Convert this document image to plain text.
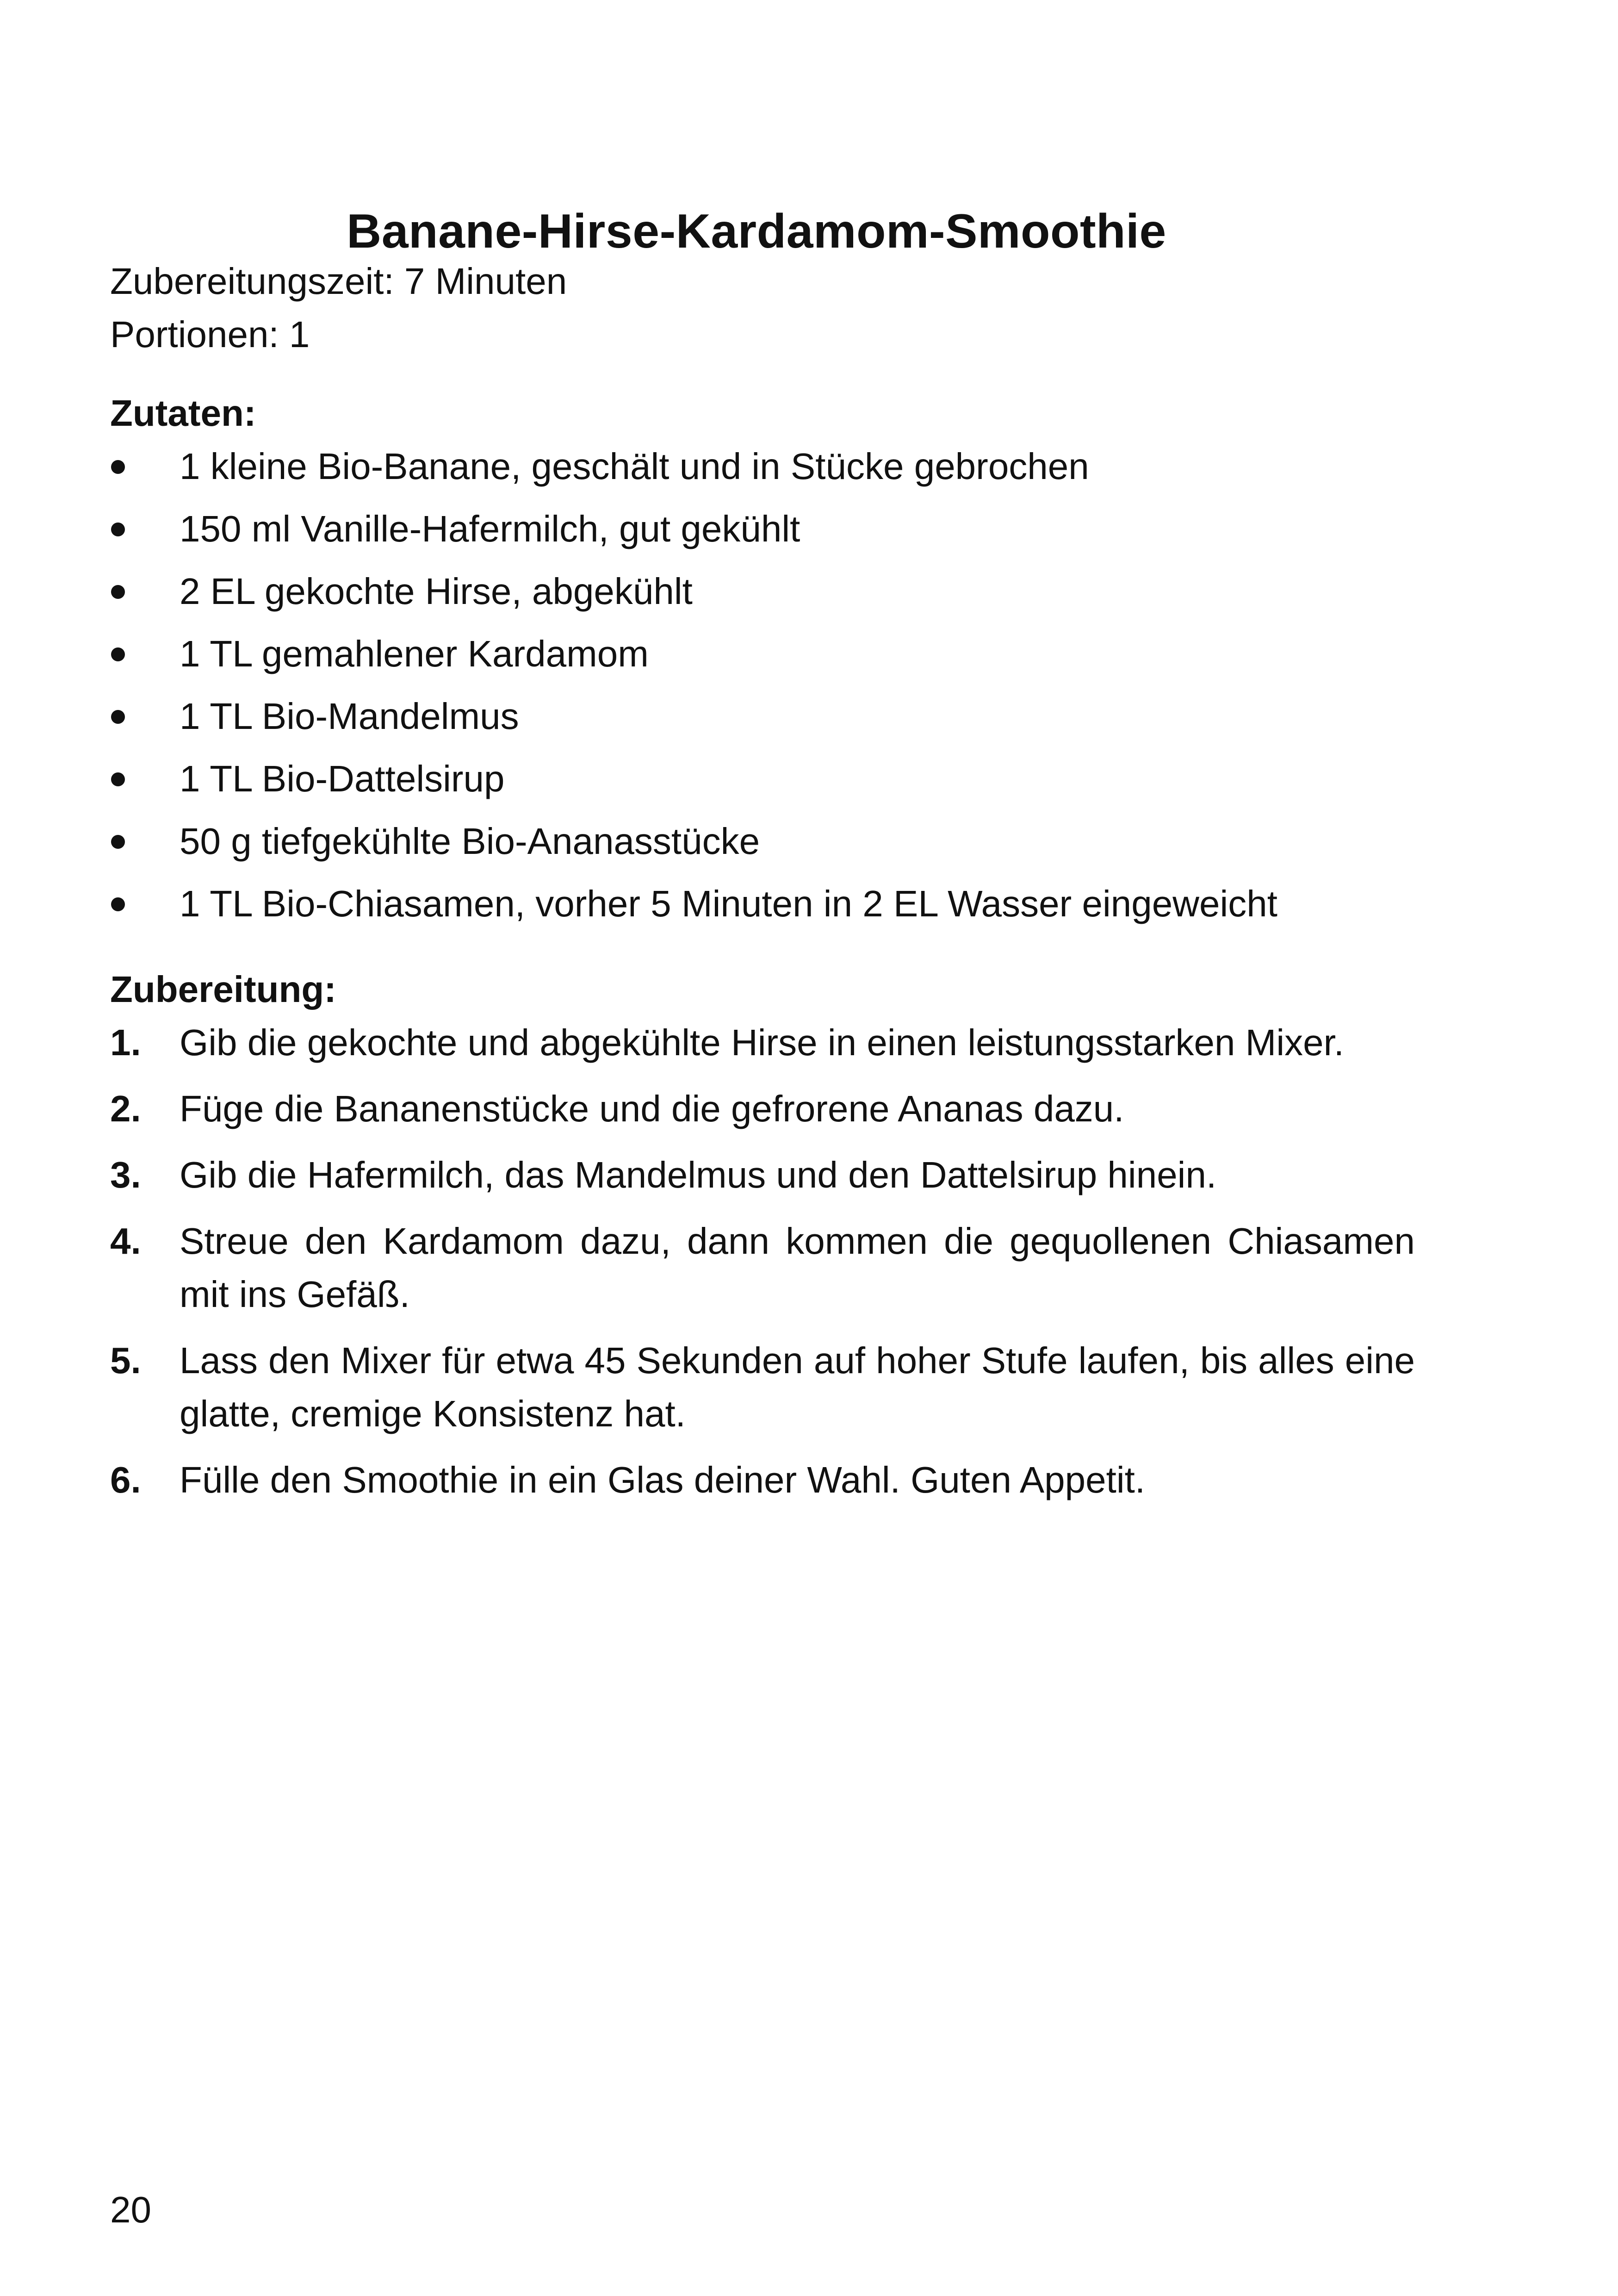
Banane-Hirse-Kardamom-Smoothie

Zubereitungszeit: 7 Minuten

Portionen: 1

Zutaten:

1 kleine Bio-Banane, geschält und in Stücke gebrochen
150 ml Vanille-Hafermilch, gut gekühlt
2 EL gekochte Hirse, abgekühlt
1 TL gemahlener Kardamom
1 TL Bio-Mandelmus
1 TL Bio-Dattelsirup
50 g tiefgekühlte Bio-Ananasstücke
1 TL Bio-Chiasamen, vorher 5 Minuten in 2 EL Wasser eingeweicht

Zubereitung:

1. Gib die gekochte und abgekühlte Hirse in einen leistungsstarken Mixer.
2. Füge die Bananenstücke und die gefrorene Ananas dazu.
3. Gib die Hafermilch, das Mandelmus und den Dattelsirup hinein.
4. Streue den Kardamom dazu, dann kommen die gequollenen Chiasamen mit ins Gefäß.
5. Lass den Mixer für etwa 45 Sekunden auf hoher Stufe laufen, bis alles eine glatte, cremige Konsistenz hat.
6. Fülle den Smoothie in ein Glas deiner Wahl. Guten Appetit.
20
